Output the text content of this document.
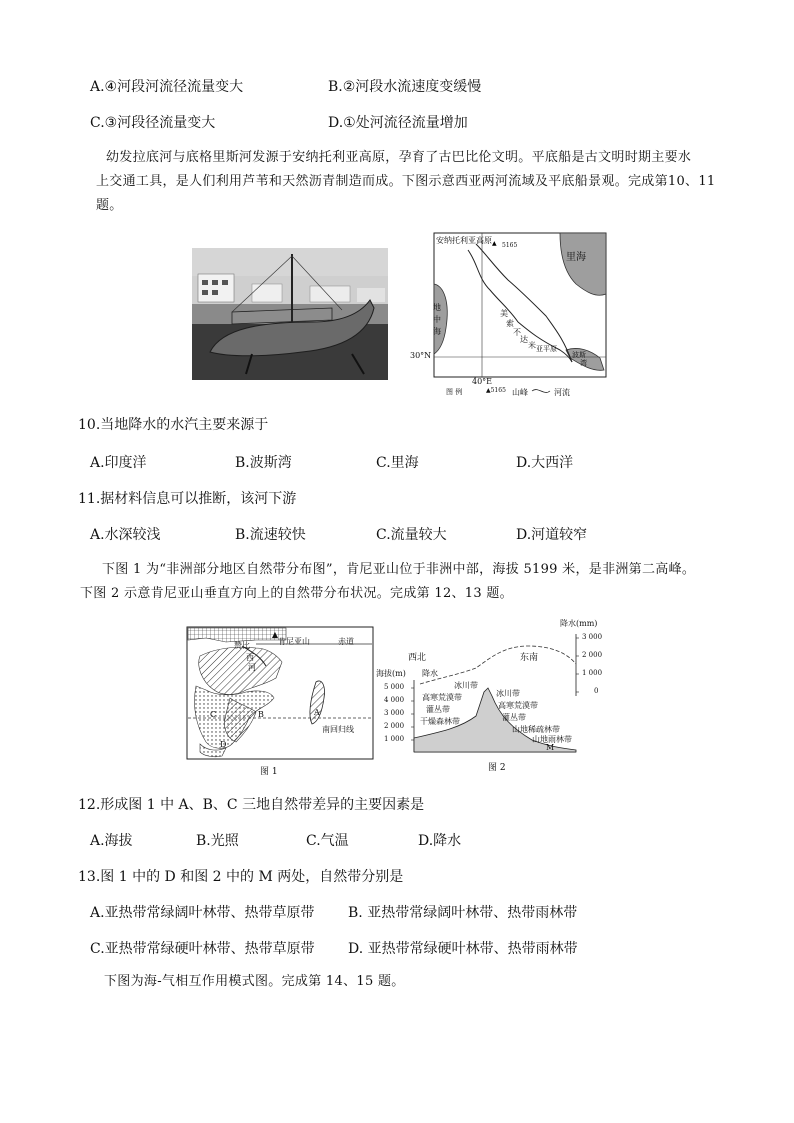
A.④河段河流径流量变大	B.②河段水流速度变缓慢
C.③河段径流量变大	D.①处河流径流量增加
幼发拉底河与底格里斯河发源于安纳托利亚高原，孕育了古巴比伦文明。平底船是古文明时期主要水
上交通工具，是人们利用芦苇和天然沥青制造而成。下图示意西亚两河流域及平底船景观。完成第10、11
题。
▲
安纳托利亚高原
5165
里海
地
中
海
美
索
不
达
米 亚平原
波斯
湾
30°N
40°E
图 例	▲5165 山峰	河流
10.当地降水的水汽主要来源于
A.印度洋	B.波斯湾	C.里海	D.大西洋
11.据材料信息可以推断，该河下游
A.水深较浅	B.流速较快	C.流量较大	D.河道较窄
下图 1 为“非洲部分地区自然带分布图”，肯尼亚山位于非洲中部，海拔 5199 米，是非洲第二高峰。
下图 2 示意肯尼亚山垂直方向上的自然带分布状况。完成第 12、13 题。
肯尼亚山	赤道
赞 比
西
河
南回归线
A
B
C
D
图 1
西北	东南
降水(mm)
降水
海拔(m)
5 000
4 000
3 000
2 000
1 000
3 000
2 000
1 000
0
冰川带
高寒荒漠带
灌丛带
干燥森林带
冰川带
高寒荒漠带
灌丛带
山地稀疏林带
山地雨林带
M
图 2
12.形成图 1 中 A、B、C 三地自然带差异的主要因素是
A.海拔	B.光照	C.气温	D.降水
13.图 1 中的 D 和图 2 中的 M 两处，自然带分别是
A.亚热带常绿阔叶林带、热带草原带 B. 亚热带常绿阔叶林带、热带雨林带
C.亚热带常绿硬叶林带、热带草原带 D. 亚热带常绿硬叶林带、热带雨林带
下图为海-气相互作用模式图。完成第 14、15 题。
